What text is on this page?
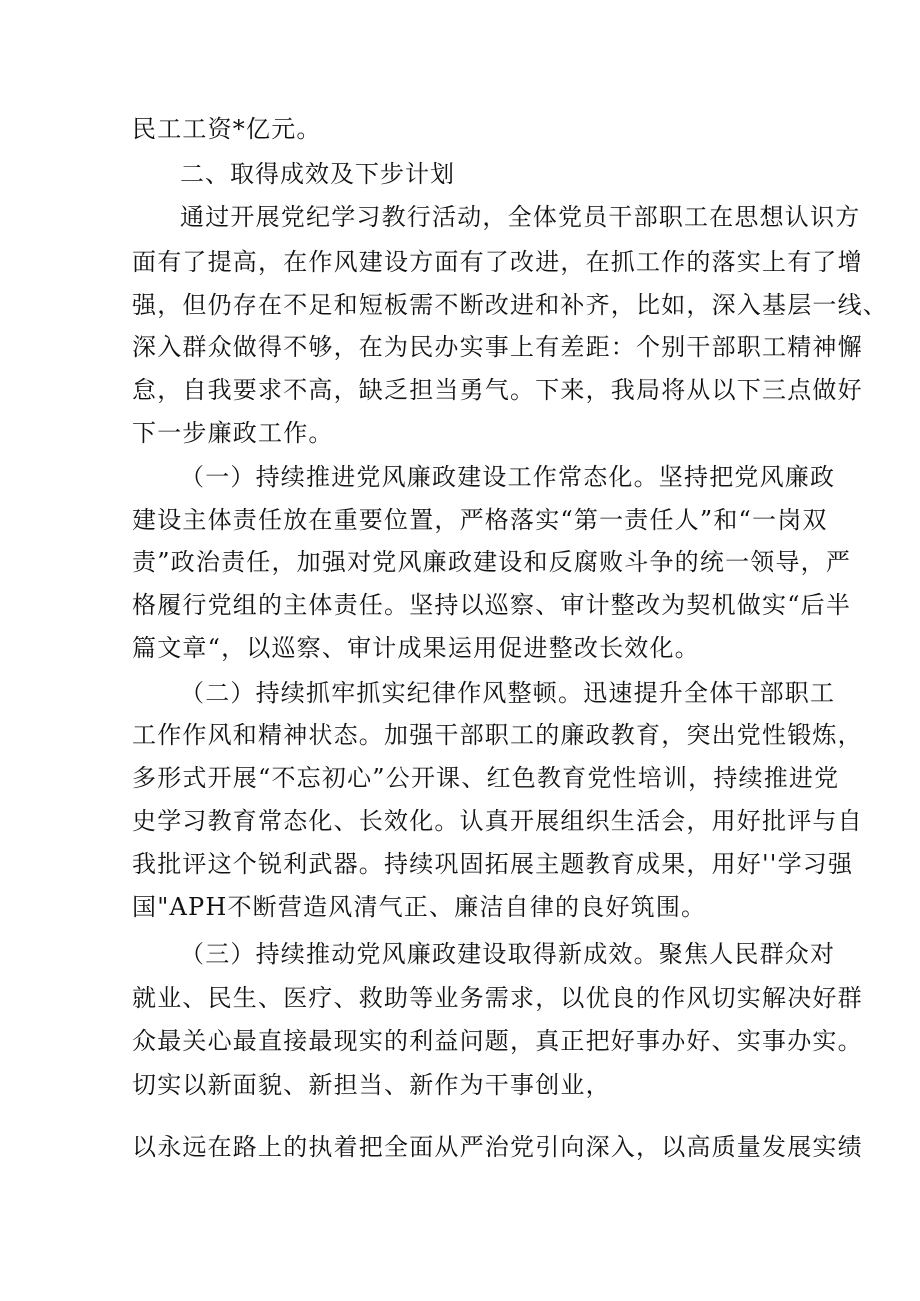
民工工资*亿元。
二、取得成效及下步计划
通过开展党纪学习教行活动，全体党员干部职工在思想认识方
面有了提高，在作风建设方面有了改进，在抓工作的落实上有了增
强，但仍存在不足和短板需不断改进和补齐，比如，深入基层一线、
深入群众做得不够，在为民办实事上有差距：个别干部职工精神懈
怠，自我要求不高，缺乏担当勇气。下来，我局将从以下三点做好
下一步廉政工作。
（一）持续推进党风廉政建设工作常态化。坚持把党风廉政
建设主体责任放在重要位置，严格落实“第一责任人”和“一岗双
责”政治责任，加强对党风廉政建设和反腐败斗争的统一领导，严
格履行党组的主体责任。坚持以巡察、审计整改为契机做实“后半
篇文章“，以巡察、审计成果运用促进整改长效化。
（二）持续抓牢抓实纪律作风整顿。迅速提升全体干部职工
工作作风和精神状态。加强干部职工的廉政教育，突出党性锻炼，
多形式开展“不忘初心”公开课、红色教育党性培训，持续推进党
史学习教育常态化、长效化。认真开展组织生活会，用好批评与自
我批评这个锐利武器。持续巩固拓展主题教育成果，用好''学习强
国"APH不断营造风清气正、廉洁自律的良好筑围。
（三）持续推动党风廉政建设取得新成效。聚焦人民群众对
就业、民生、医疗、救助等业务需求，以优良的作风切实解决好群
众最关心最直接最现实的利益问题，真正把好事办好、实事办实。
切实以新面貌、新担当、新作为干事创业，
以永远在路上的执着把全面从严治党引向深入，以高质量发展实绩
